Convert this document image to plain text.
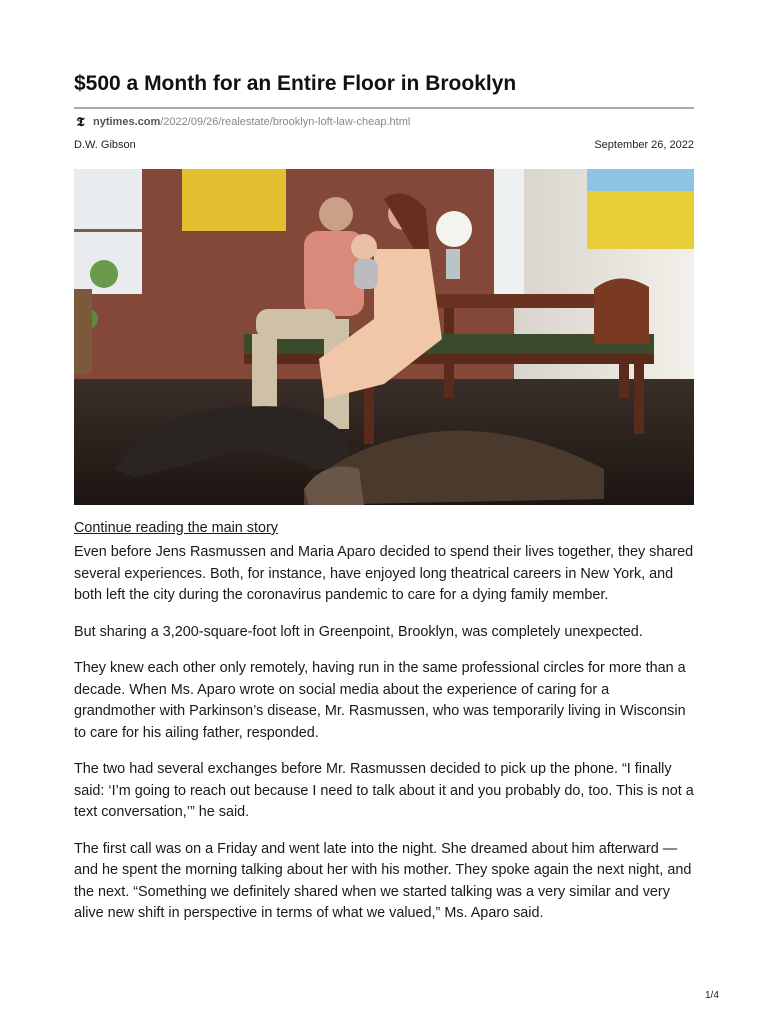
$500 a Month for an Entire Floor in Brooklyn
𝕿 nytimes.com /2022/09/26/realestate/brooklyn-loft-law-cheap.html
D.W. Gibson	September 26, 2022
Continue reading the main story

Even before Jens Rasmussen and Maria Aparo decided to spend their lives together, they shared several experiences. Both, for instance, have enjoyed long theatrical careers in New York, and both left the city during the coronavirus pandemic to care for a dying family member.

But sharing a 3,200-square-foot loft in Greenpoint, Brooklyn, was completely unexpected.

They knew each other only remotely, having run in the same professional circles for more than a decade. When Ms. Aparo wrote on social media about the experience of caring for a grandmother with Parkinson’s disease, Mr. Rasmussen, who was temporarily living in Wisconsin to care for his ailing father, responded.

The two had several exchanges before Mr. Rasmussen decided to pick up the phone. “I finally said: ‘I’m going to reach out because I need to talk about it and you probably do, too. This is not a text conversation,’” he said.

The first call was on a Friday and went late into the night. She dreamed about him afterward — and he spent the morning talking about her with his mother. They spoke again the next night, and the next. “Something we definitely shared when we started talking was a very similar and very alive new shift in perspective in terms of what we valued,” Ms. Aparo said.

1/4
